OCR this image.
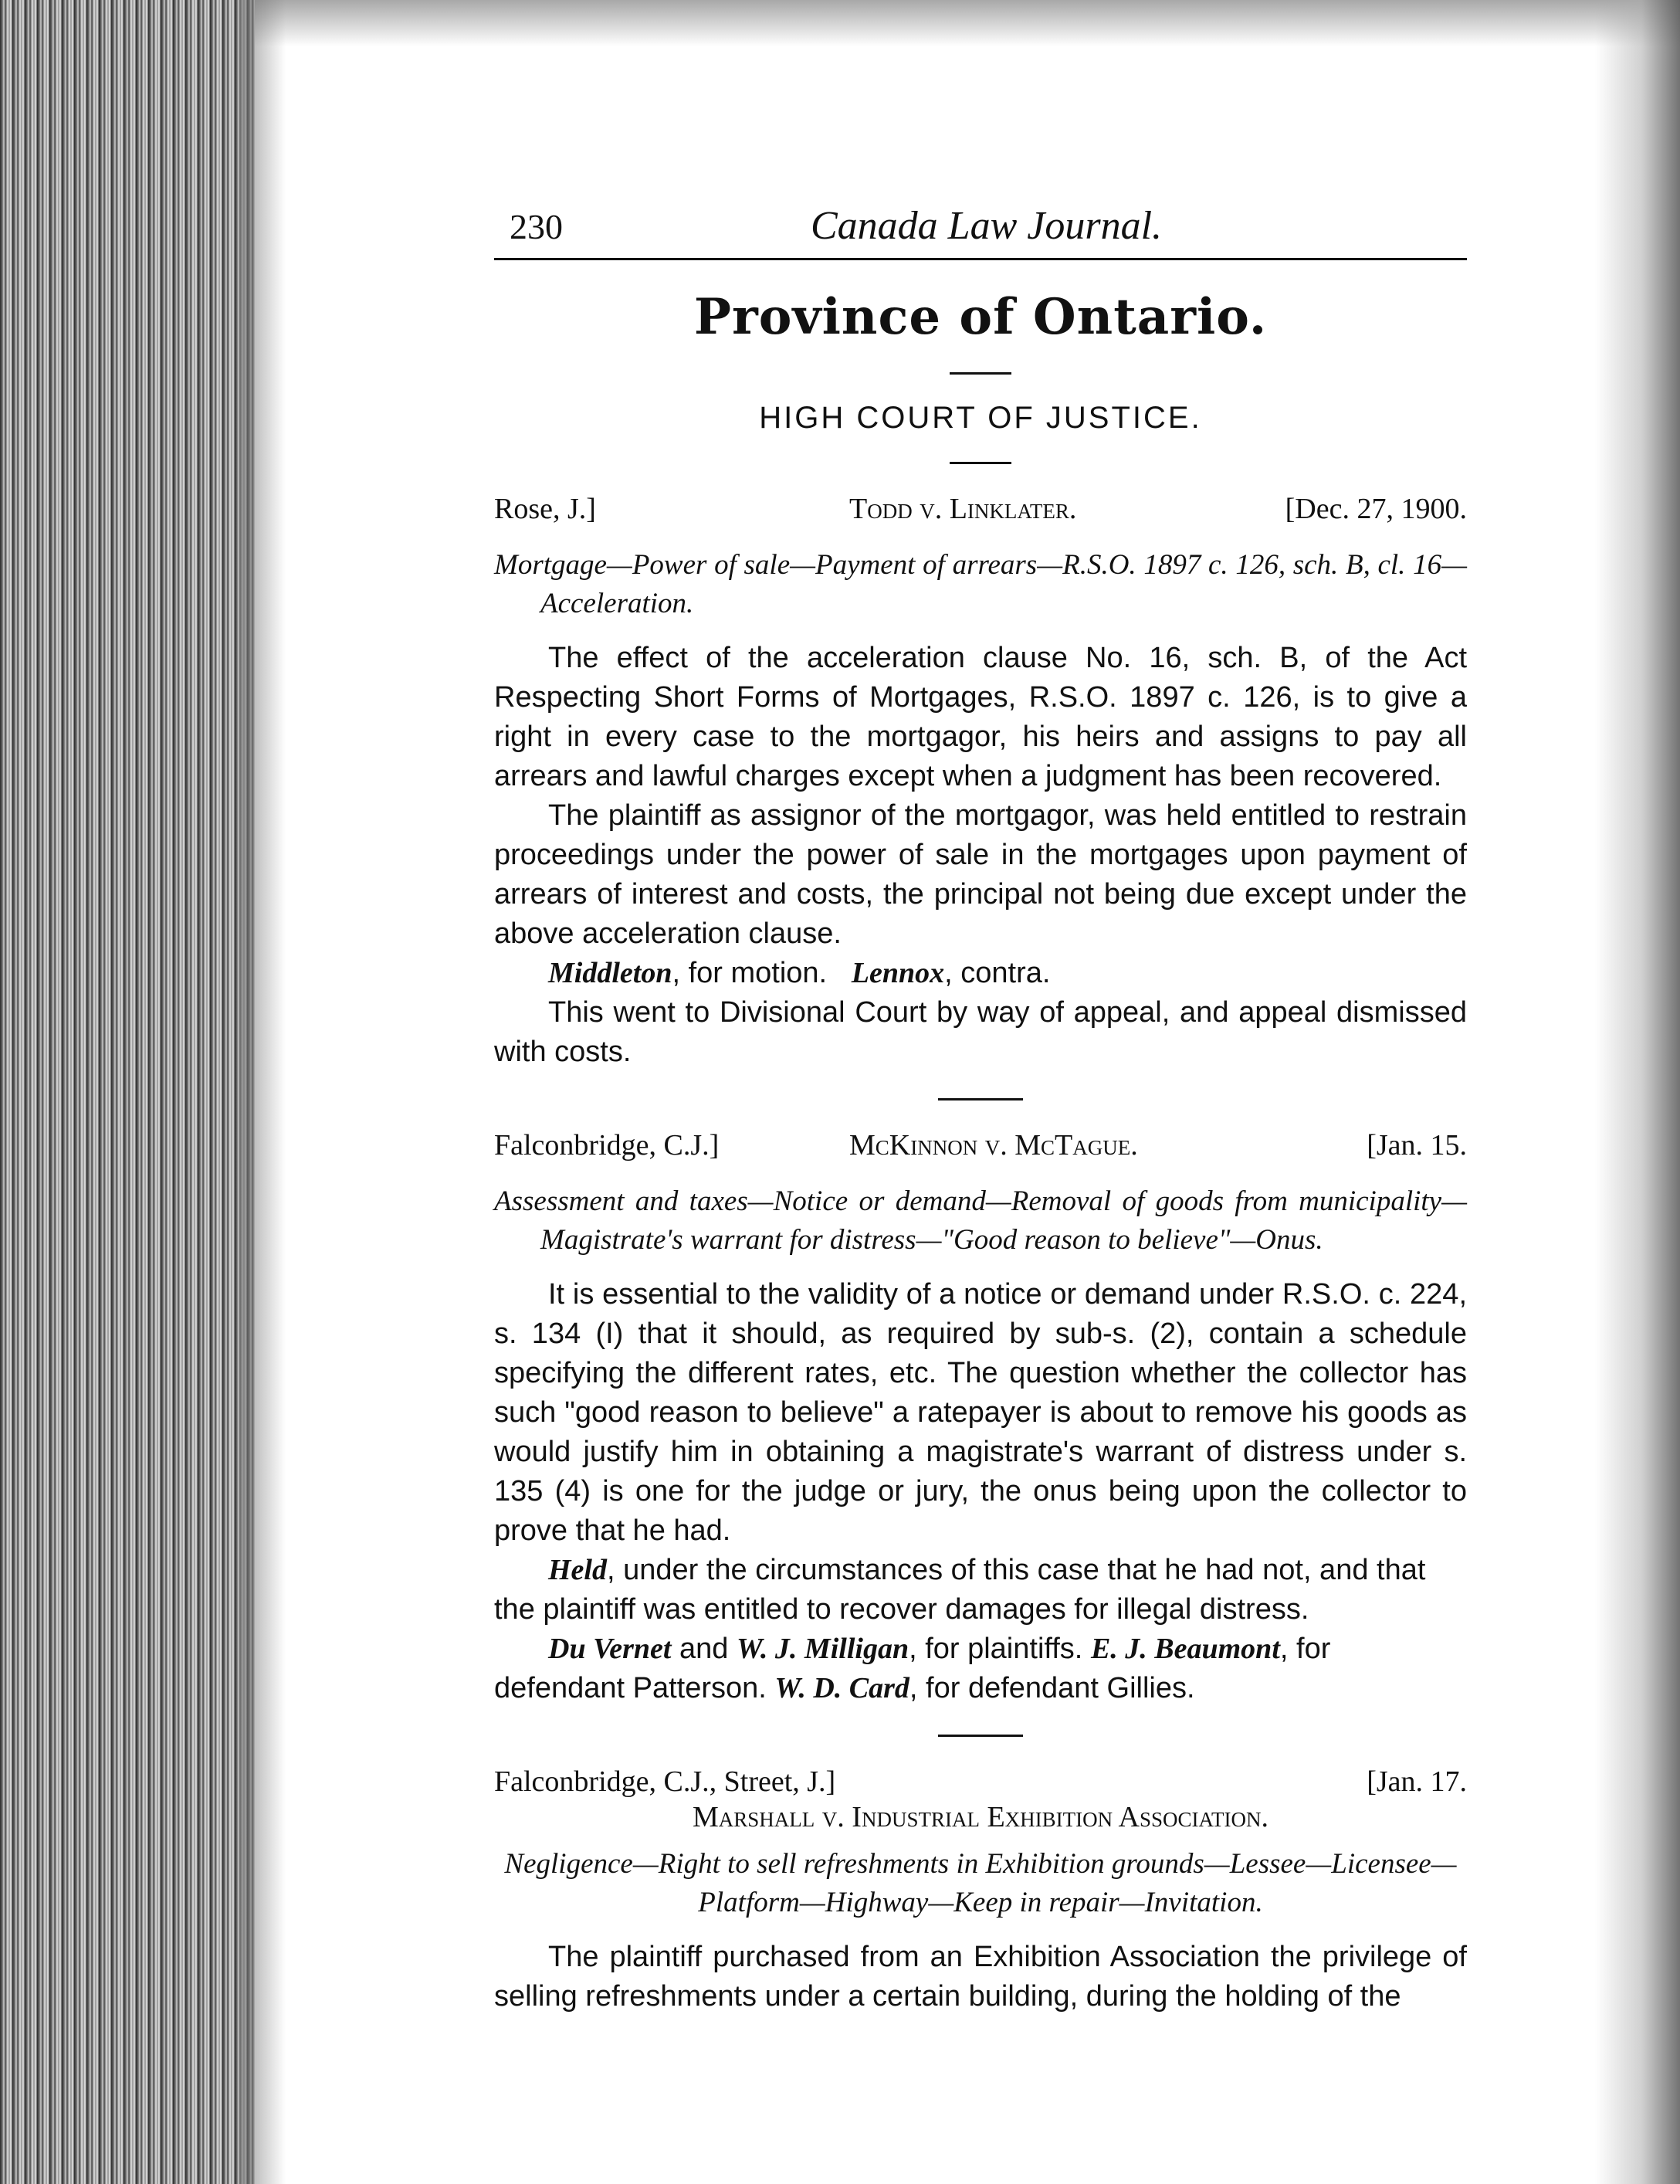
230	Canada Law Journal.
Province of Ontario.
HIGH COURT OF JUSTICE.
Rose, J.]	Todd v. Linklater.	[Dec. 27, 1900.
Mortgage—Power of sale—Payment of arrears—R.S.O. 1897 c. 126, sch. B, cl. 16—Acceleration.

The effect of the acceleration clause No. 16, sch. B, of the Act Respecting Short Forms of Mortgages, R.S.O. 1897 c. 126, is to give a right in every case to the mortgagor, his heirs and assigns to pay all arrears and lawful charges except when a judgment has been recovered.

The plaintiff as assignor of the mortgagor, was held entitled to restrain proceedings under the power of sale in the mortgages upon payment of arrears of interest and costs, the principal not being due except under the above acceleration clause.

Middleton, for motion. Lennox, contra.

This went to Divisional Court by way of appeal, and appeal dismissed with costs.

Falconbridge, C.J.]	McKinnon v. McTague.	[Jan. 15.
Assessment and taxes—Notice or demand—Removal of goods from municipality—Magistrate's warrant for distress—"Good reason to believe"—Onus.

It is essential to the validity of a notice or demand under R.S.O. c. 224, s. 134 (I) that it should, as required by sub-s. (2), contain a schedule specifying the different rates, etc. The question whether the collector has such "good reason to believe" a ratepayer is about to remove his goods as would justify him in obtaining a magistrate's warrant of distress under s. 135 (4) is one for the judge or jury, the onus being upon the collector to prove that he had.

Held, under the circumstances of this case that he had not, and that the plaintiff was entitled to recover damages for illegal distress.

Du Vernet and W. J. Milligan, for plaintiffs. E. J. Beaumont, for defendant Patterson. W. D. Card, for defendant Gillies.

Falconbridge, C.J., Street, J.]	[Jan. 17.
Marshall v. Industrial Exhibition Association.
Negligence—Right to sell refreshments in Exhibition grounds—Lessee—Licensee—Platform—Highway—Keep in repair—Invitation.

The plaintiff purchased from an Exhibition Association the privilege of selling refreshments under a certain building, during the holding of the
